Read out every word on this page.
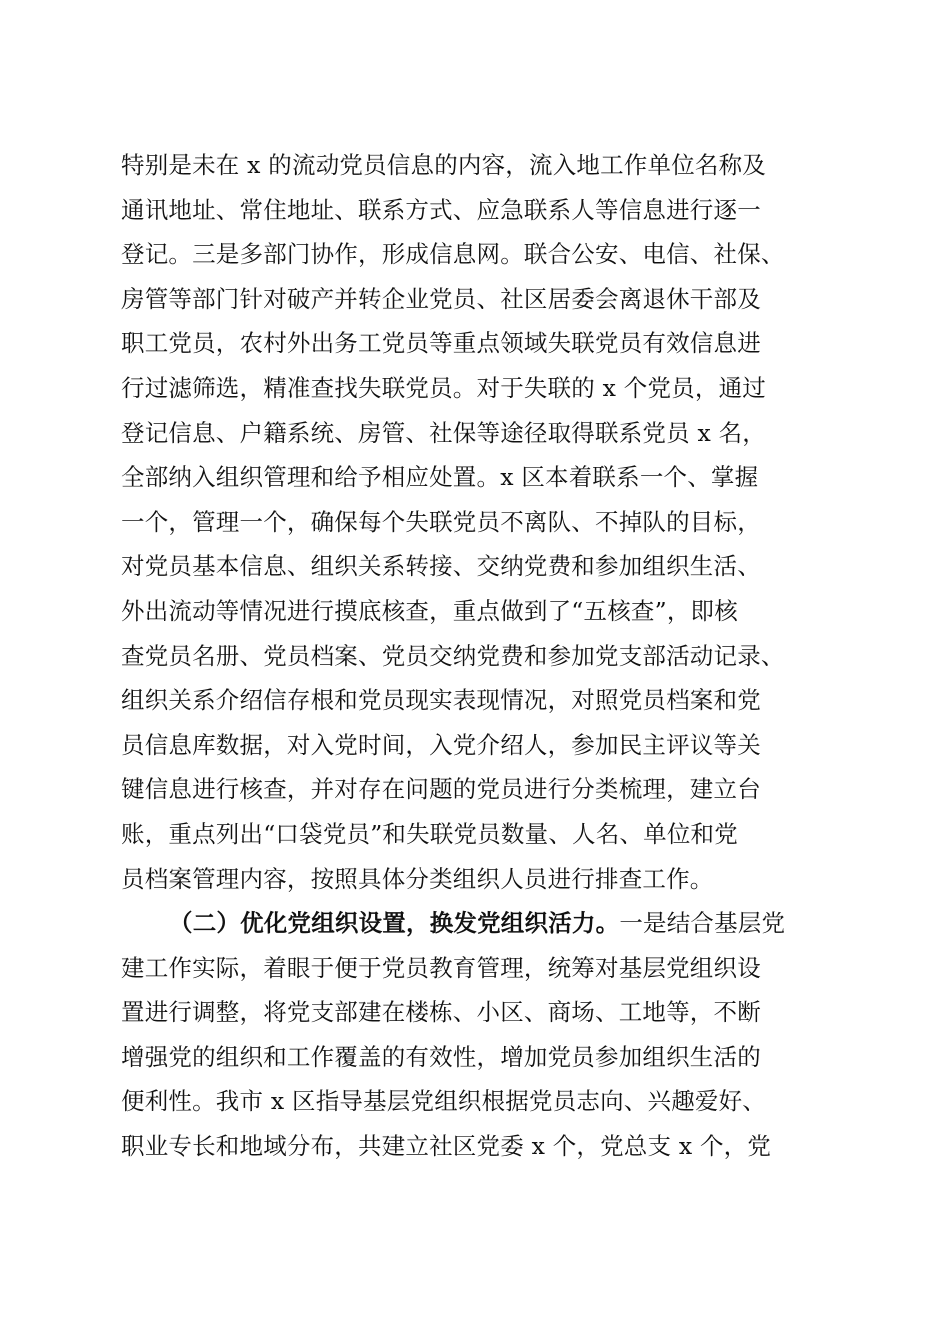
特别是未在 x 的流动党员信息的内容，流入地工作单位名称及
通讯地址、常住地址、联系方式、应急联系人等信息进行逐一
登记。三是多部门协作，形成信息网。联合公安、电信、社保、
房管等部门针对破产并转企业党员、社区居委会离退休干部及
职工党员，农村外出务工党员等重点领域失联党员有效信息进
行过滤筛选，精准查找失联党员。对于失联的 x 个党员，通过
登记信息、户籍系统、房管、社保等途径取得联系党员 x 名，
全部纳入组织管理和给予相应处置。x 区本着联系一个、掌握
一个，管理一个，确保每个失联党员不离队、不掉队的目标，
对党员基本信息、组织关系转接、交纳党费和参加组织生活、
外出流动等情况进行摸底核查，重点做到了“五核查”，即核
查党员名册、党员档案、党员交纳党费和参加党支部活动记录、
组织关系介绍信存根和党员现实表现情况，对照党员档案和党
员信息库数据，对入党时间，入党介绍人，参加民主评议等关
键信息进行核查，并对存在问题的党员进行分类梳理，建立台
账，重点列出“口袋党员”和失联党员数量、人名、单位和党
员档案管理内容，按照具体分类组织人员进行排查工作。
（二）优化党组织设置，换发党组织活力。一是结合基层党
建工作实际，着眼于便于党员教育管理，统筹对基层党组织设
置进行调整，将党支部建在楼栋、小区、商场、工地等，不断
增强党的组织和工作覆盖的有效性，增加党员参加组织生活的
便利性。我市 x 区指导基层党组织根据党员志向、兴趣爱好、
职业专长和地域分布，共建立社区党委 x 个，党总支 x 个，党
